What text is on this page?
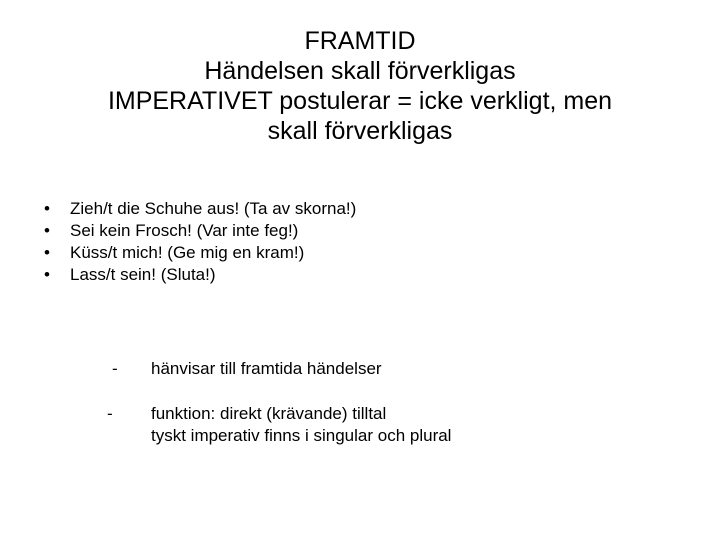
FRAMTID
Händelsen skall förverkligas
IMPERATIVET postulerar = icke verkligt, men
skall förverkligas
• Zieh/t die Schuhe aus! (Ta av skorna!)
• Sei kein Frosch! (Var inte feg!)
• Küss/t mich! (Ge mig en kram!)
• Lass/t sein! (Sluta!)
- hänvisar till framtida händelser
- funktion: direkt (krävande) tilltal
tyskt imperativ finns i singular och plural
